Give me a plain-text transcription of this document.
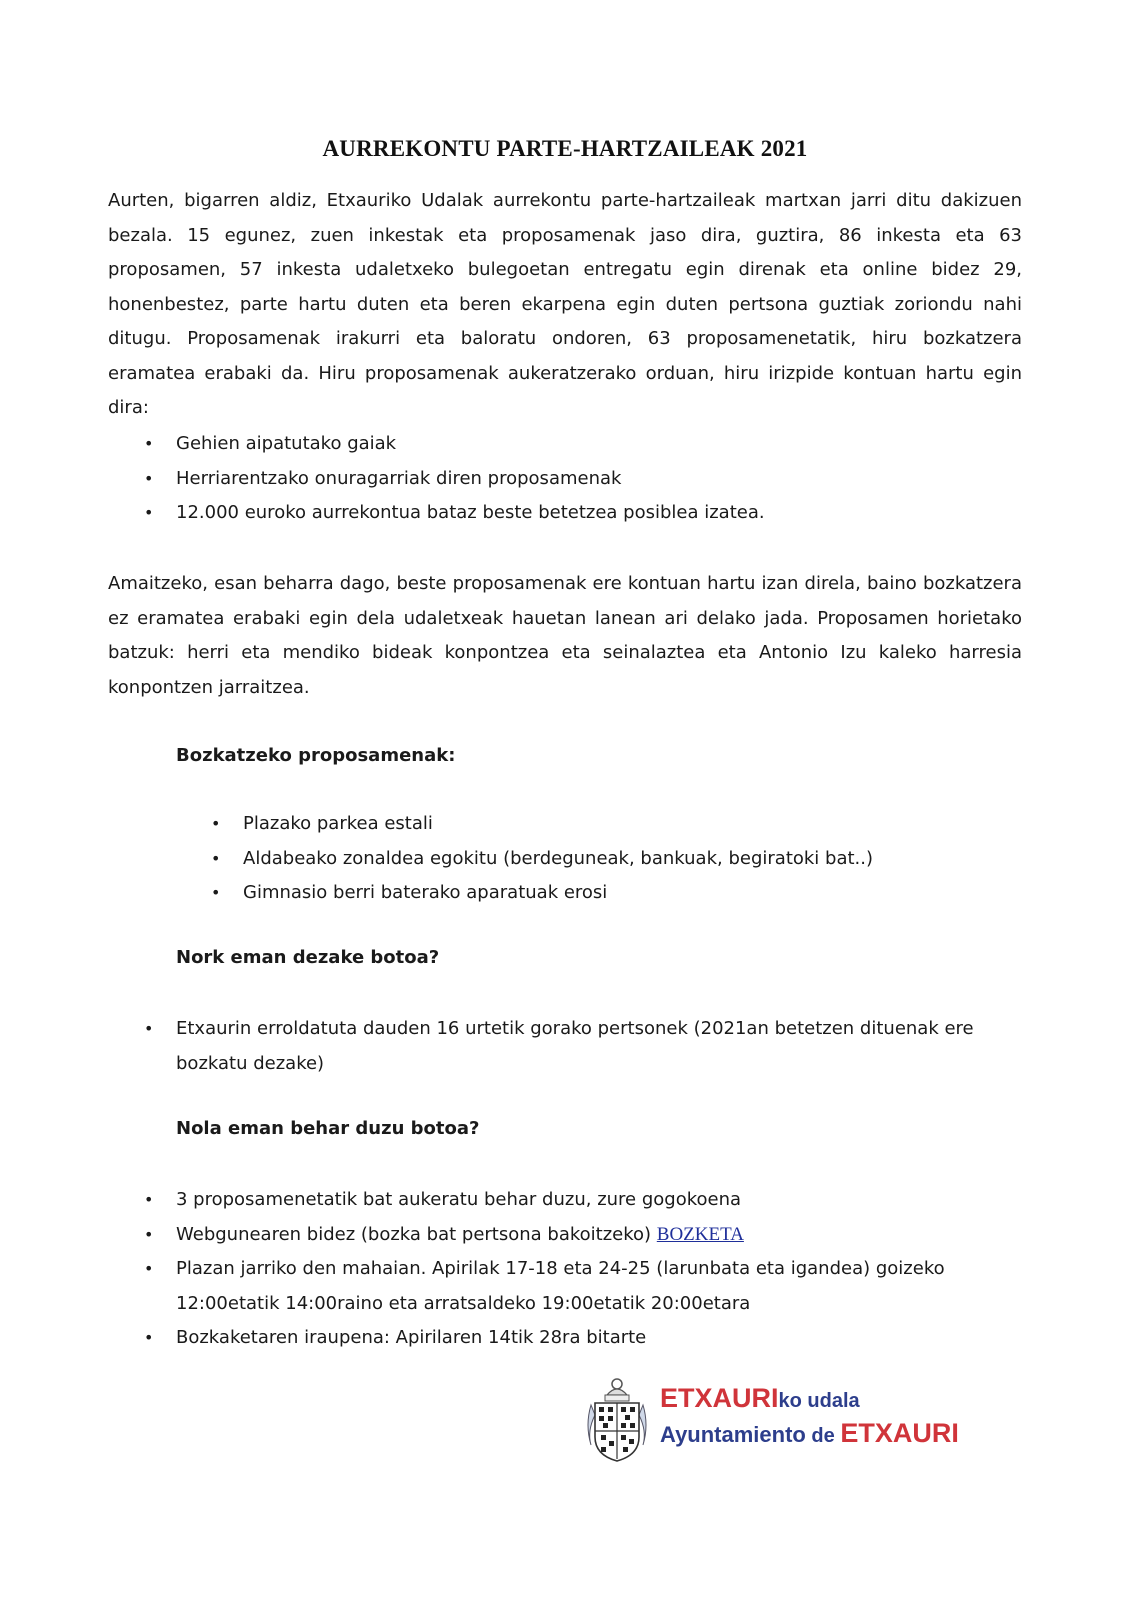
AURREKONTU PARTE-HARTZAILEAK 2021
Aurten, bigarren aldiz, Etxauriko Udalak aurrekontu parte-hartzaileak martxan jarri ditu dakizuen bezala. 15 egunez, zuen inkestak eta proposamenak jaso dira, guztira, 86 inkesta eta 63 proposamen, 57 inkesta udaletxeko bulegoetan entregatu egin direnak eta online bidez 29, honenbestez, parte hartu duten eta beren ekarpena egin duten pertsona guztiak zoriondu nahi ditugu. Proposamenak irakurri eta baloratu ondoren, 63 proposamenetatik, hiru bozkatzera eramatea erabaki da. Hiru proposamenak aukeratzerako orduan, hiru irizpide kontuan hartu egin dira:
• Gehien aipatutako gaiak
• Herriarentzako onuragarriak diren proposamenak
• 12.000 euroko aurrekontua bataz beste betetzea posiblea izatea.
Amaitzeko, esan beharra dago, beste proposamenak ere kontuan hartu izan direla, baino bozkatzera ez eramatea erabaki egin dela udaletxeak hauetan lanean ari delako jada. Proposamen horietako batzuk: herri eta mendiko bideak konpontzea eta seinalaztea eta Antonio Izu kaleko harresia konpontzen jarraitzea.
Bozkatzeko proposamenak:
• Plazako parkea estali
• Aldabeako zonaldea egokitu (berdeguneak, bankuak, begiratoki bat..)
• Gimnasio berri baterako aparatuak erosi
Nork eman dezake botoa?
• Etxaurin erroldatuta dauden 16 urtetik gorako pertsonek (2021an betetzen dituenak ere bozkatu dezake)
Nola eman behar duzu botoa?
• 3 proposamenetatik bat aukeratu behar duzu, zure gogokoena
• Webgunearen bidez (bozka bat pertsona bakoitzeko) BOZKETA
• Plazan jarriko den mahaian. Apirilak 17-18 eta 24-25 (larunbata eta igandea) goizeko 12:00etatik 14:00raino eta arratsaldeko 19:00etatik 20:00etara
• Bozkaketaren iraupena: Apirilaren 14tik 28ra bitarte
ETXAURIko udala
Ayuntamiento de ETXAURI
